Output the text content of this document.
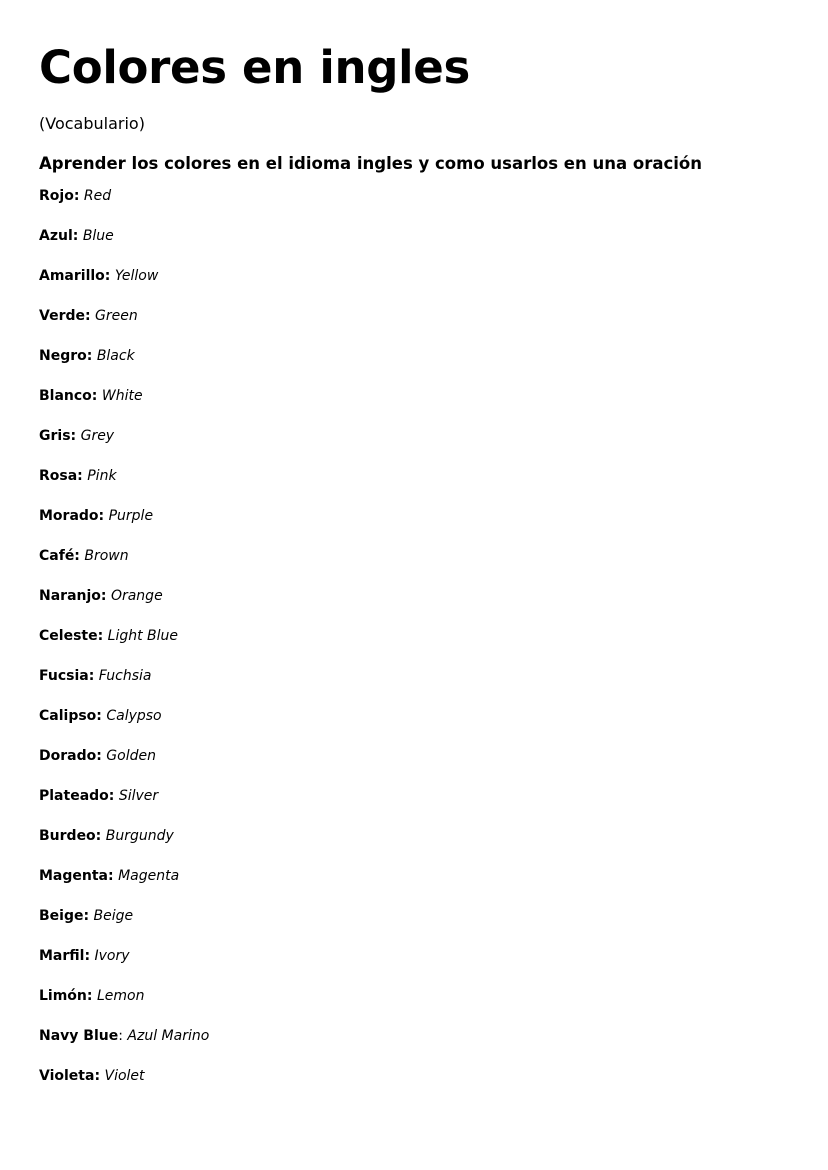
Colores en ingles

(Vocabulario)

Aprender los colores en el idioma ingles y como usarlos en una oración

Rojo: Red
Azul: Blue
Amarillo: Yellow
Verde: Green
Negro: Black
Blanco: White
Gris: Grey
Rosa: Pink
Morado: Purple
Café: Brown
Naranjo: Orange
Celeste: Light Blue
Fucsia: Fuchsia
Calipso: Calypso
Dorado: Golden
Plateado: Silver
Burdeo: Burgundy
Magenta: Magenta
Beige: Beige
Marfil: Ivory
Limón: Lemon
Navy Blue: Azul Marino
Violeta: Violet
